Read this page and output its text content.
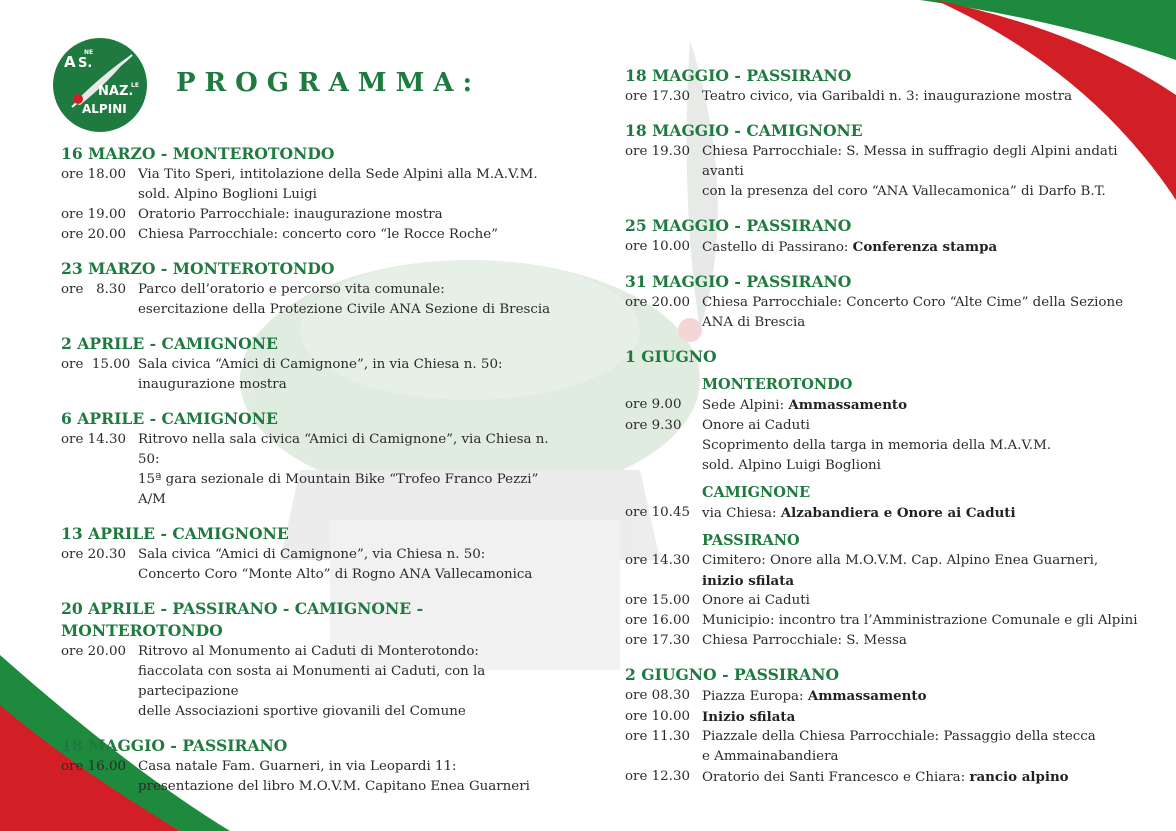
A S.
NE
NAZ.
LE
ALPINI
PROGRAMMA:
16 MARZO - MONTEROTONDO
ore 18.00 Via Tito Speri, intitolazione della Sede Alpini alla M.A.V.M.
sold. Alpino Boglioni Luigi
ore 19.00 Oratorio Parrocchiale: inaugurazione mostra
ore 20.00 Chiesa Parrocchiale: concerto coro “le Rocce Roche”
23 MARZO - MONTEROTONDO
ore   8.30 Parco dell’oratorio e percorso vita comunale:
esercitazione della Protezione Civile ANA Sezione di Brescia
2 APRILE - CAMIGNONE
ore  15.00 Sala civica “Amici di Camignone”, in via Chiesa n. 50:
inaugurazione mostra
6 APRILE - CAMIGNONE
ore 14.30 Ritrovo nella sala civica “Amici di Camignone”, via Chiesa n. 50:
15ª gara sezionale di Mountain Bike “Trofeo Franco Pezzi” A/M
13 APRILE - CAMIGNONE
ore 20.30 Sala civica “Amici di Camignone”, via Chiesa n. 50:
Concerto Coro “Monte Alto” di Rogno ANA Vallecamonica
20 APRILE - PASSIRANO - CAMIGNONE - MONTEROTONDO
ore 20.00 Ritrovo al Monumento ai Caduti di Monterotondo:
fiaccolata con sosta ai Monumenti ai Caduti, con la partecipazione
delle Associazioni sportive giovanili del Comune
18 MAGGIO - PASSIRANO
ore 16.00 Casa natale Fam. Guarneri, in via Leopardi 11:
presentazione del libro M.O.V.M. Capitano Enea Guarneri
18 MAGGIO - PASSIRANO
ore 17.30 Teatro civico, via Garibaldi n. 3: inaugurazione mostra
18 MAGGIO - CAMIGNONE
ore 19.30 Chiesa Parrocchiale: S. Messa in suffragio degli Alpini andati avanti
con la presenza del coro “ANA Vallecamonica” di Darfo B.T.
25 MAGGIO - PASSIRANO
ore 10.00 Castello di Passirano: Conferenza stampa
31 MAGGIO - PASSIRANO
ore 20.00 Chiesa Parrocchiale: Concerto Coro “Alte Cime” della Sezione
ANA di Brescia
1 GIUGNO
MONTEROTONDO
ore 9.00	Sede Alpini: Ammassamento
ore 9.30	Onore ai Caduti
Scoprimento della targa in memoria della M.A.V.M.
sold. Alpino Luigi Boglioni
CAMIGNONE
ore 10.45 via Chiesa: Alzabandiera e Onore ai Caduti
PASSIRANO
ore 14.30 Cimitero: Onore alla M.O.V.M. Cap. Alpino Enea Guarneri,
inizio sfilata
ore 15.00 Onore ai Caduti
ore 16.00 Municipio: incontro tra l’Amministrazione Comunale e gli Alpini
ore 17.30 Chiesa Parrocchiale: S. Messa
2 GIUGNO - PASSIRANO
ore 08.30 Piazza Europa: Ammassamento
ore 10.00 Inizio sfilata
ore 11.30 Piazzale della Chiesa Parrocchiale: Passaggio della stecca
e Ammainabandiera
ore 12.30 Oratorio dei Santi Francesco e Chiara: rancio alpino
